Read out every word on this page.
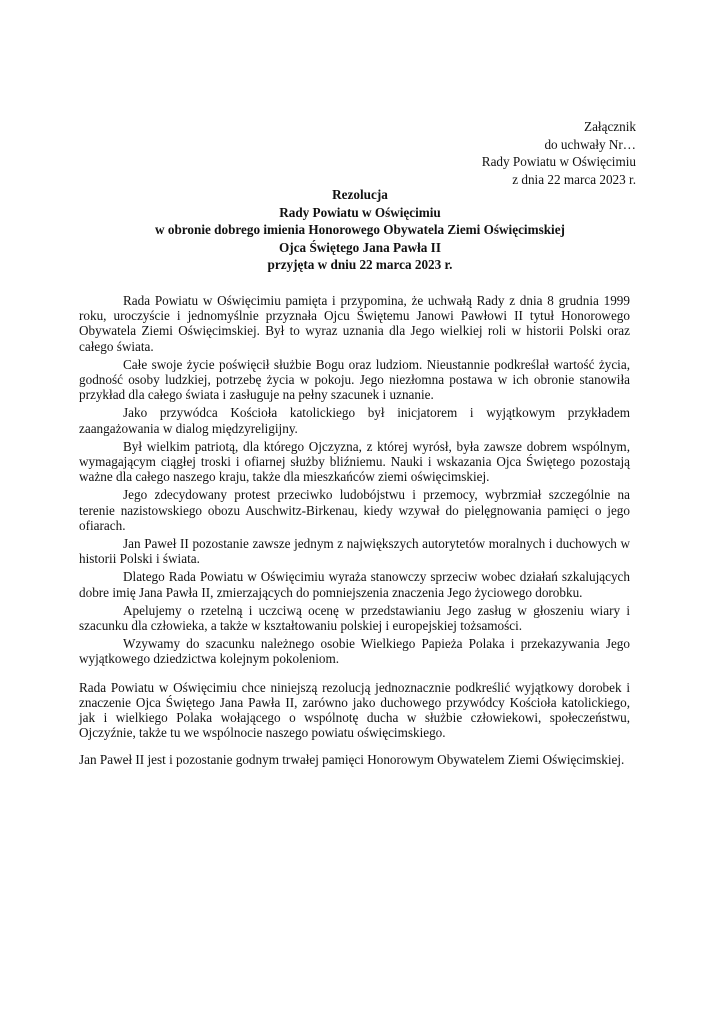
Załącznik
do uchwały Nr…
Rady Powiatu w Oświęcimiu
z dnia 22 marca 2023 r.
Rezolucja
Rady Powiatu w Oświęcimiu
w obronie dobrego imienia Honorowego Obywatela Ziemi Oświęcimskiej
Ojca Świętego Jana Pawła II
przyjęta w dniu 22 marca 2023 r.

Rada Powiatu w Oświęcimiu pamięta i przypomina, że uchwałą Rady z dnia 8 grudnia 1999 roku, uroczyście i jednomyślnie przyznała Ojcu Świętemu Janowi Pawłowi II tytuł Honorowego Obywatela Ziemi Oświęcimskiej. Był to wyraz uznania dla Jego wielkiej roli w historii Polski oraz całego świata.

Całe swoje życie poświęcił służbie Bogu oraz ludziom. Nieustannie podkreślał wartość życia, godność osoby ludzkiej, potrzebę życia w pokoju. Jego niezłomna postawa w ich obronie stanowiła przykład dla całego świata i zasługuje na pełny szacunek i uznanie.

Jako przywódca Kościoła katolickiego był inicjatorem i wyjątkowym przykładem zaangażowania w dialog międzyreligijny.

Był wielkim patriotą, dla którego Ojczyzna, z której wyrósł, była zawsze dobrem wspólnym, wymagającym ciągłej troski i ofiarnej służby bliźniemu. Nauki i wskazania Ojca Świętego pozostają ważne dla całego naszego kraju, także dla mieszkańców ziemi oświęcimskiej.

Jego zdecydowany protest przeciwko ludobójstwu i przemocy, wybrzmiał szczególnie na terenie nazistowskiego obozu Auschwitz-Birkenau, kiedy wzywał do pielęgnowania pamięci o jego ofiarach.

Jan Paweł II pozostanie zawsze jednym z największych autorytetów moralnych i duchowych w historii Polski i świata.

Dlatego Rada Powiatu w Oświęcimiu wyraża stanowczy sprzeciw wobec działań szkalujących dobre imię Jana Pawła II, zmierzających do pomniejszenia znaczenia Jego życiowego dorobku.

Apelujemy o rzetelną i uczciwą ocenę w przedstawianiu Jego zasług w głoszeniu wiary i szacunku dla człowieka, a także w kształtowaniu polskiej i europejskiej tożsamości.

Wzywamy do szacunku należnego osobie Wielkiego Papieża Polaka i przekazywania Jego wyjątkowego dziedzictwa kolejnym pokoleniom.

Rada Powiatu w Oświęcimiu chce niniejszą rezolucją jednoznacznie podkreślić wyjątkowy dorobek i znaczenie Ojca Świętego Jana Pawła II, zarówno jako duchowego przywódcy Kościoła katolickiego, jak i wielkiego Polaka wołającego o wspólnotę ducha w służbie człowiekowi, społeczeństwu, Ojczyźnie, także tu we wspólnocie naszego powiatu oświęcimskiego.

Jan Paweł II jest i pozostanie godnym trwałej pamięci Honorowym Obywatelem Ziemi Oświęcimskiej.
